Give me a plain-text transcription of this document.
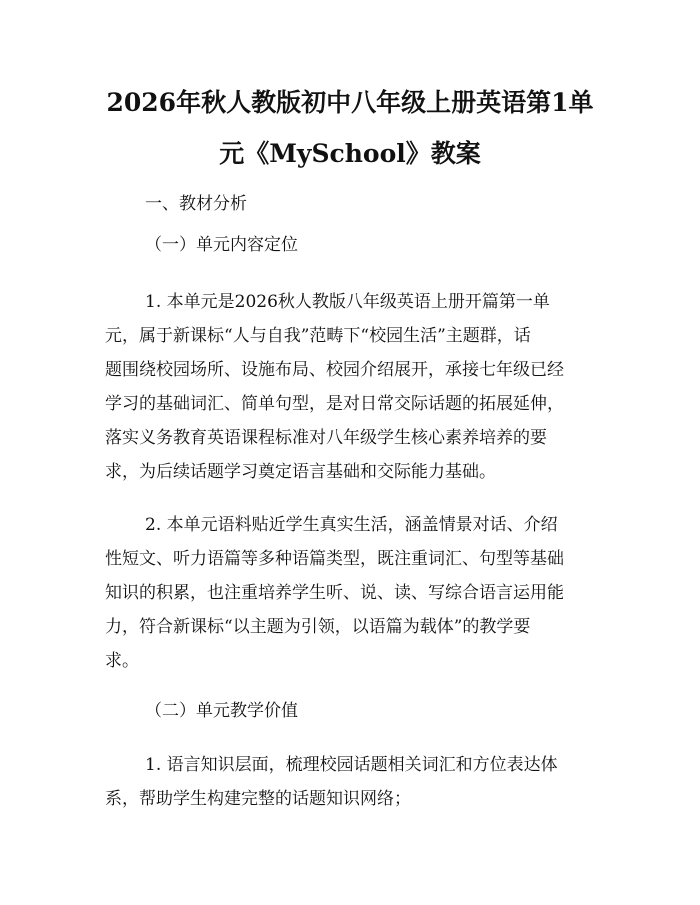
2026年秋人教版初中八年级上册英语第1单
元《MySchool》教案
一、教材分析
（一）单元内容定位
1. 本单元是2026秋人教版八年级英语上册开篇第一单
元，属于新课标“人与自我”范畴下“校园生活”主题群，话
题围绕校园场所、设施布局、校园介绍展开，承接七年级已经
学习的基础词汇、简单句型，是对日常交际话题的拓展延伸，
落实义务教育英语课程标准对八年级学生核心素养培养的要
求，为后续话题学习奠定语言基础和交际能力基础。
2. 本单元语料贴近学生真实生活，涵盖情景对话、介绍
性短文、听力语篇等多种语篇类型，既注重词汇、句型等基础
知识的积累，也注重培养学生听、说、读、写综合语言运用能
力，符合新课标“以主题为引领，以语篇为载体”的教学要
求。
（二）单元教学价值
1. 语言知识层面，梳理校园话题相关词汇和方位表达体
系，帮助学生构建完整的话题知识网络；
